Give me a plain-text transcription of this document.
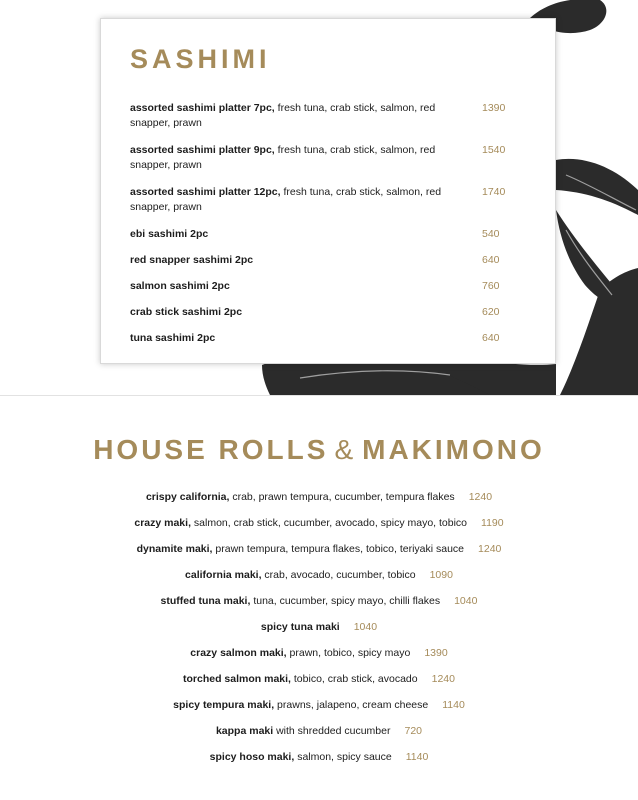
SASHIMI
assorted sashimi platter 7pc, fresh tuna, crab stick, salmon, red snapper, prawn
1390
assorted sashimi platter 9pc, fresh tuna, crab stick, salmon, red snapper, prawn
1540
assorted sashimi platter 12pc, fresh tuna, crab stick, salmon, red snapper, prawn
1740
ebi sashimi 2pc	540
red snapper sashimi 2pc	640
salmon sashimi 2pc	760
crab stick sashimi 2pc	620
tuna sashimi 2pc	640
HOUSE ROLLS & MAKIMONO
crispy california, crab, prawn tempura, cucumber, tempura flakes 1240
crazy maki, salmon, crab stick, cucumber, avocado, spicy mayo, tobico 1190
dynamite maki, prawn tempura, tempura flakes, tobico, teriyaki sauce 1240
california maki, crab, avocado, cucumber, tobico 1090
stuffed tuna maki, tuna, cucumber, spicy mayo, chilli flakes 1040
spicy tuna maki 1040
crazy salmon maki, prawn, tobico, spicy mayo 1390
torched salmon maki, tobico, crab stick, avocado 1240
spicy tempura maki, prawns, jalapeno, cream cheese 1140
kappa maki with shredded cucumber 720
spicy hoso maki, salmon, spicy sauce 1140
